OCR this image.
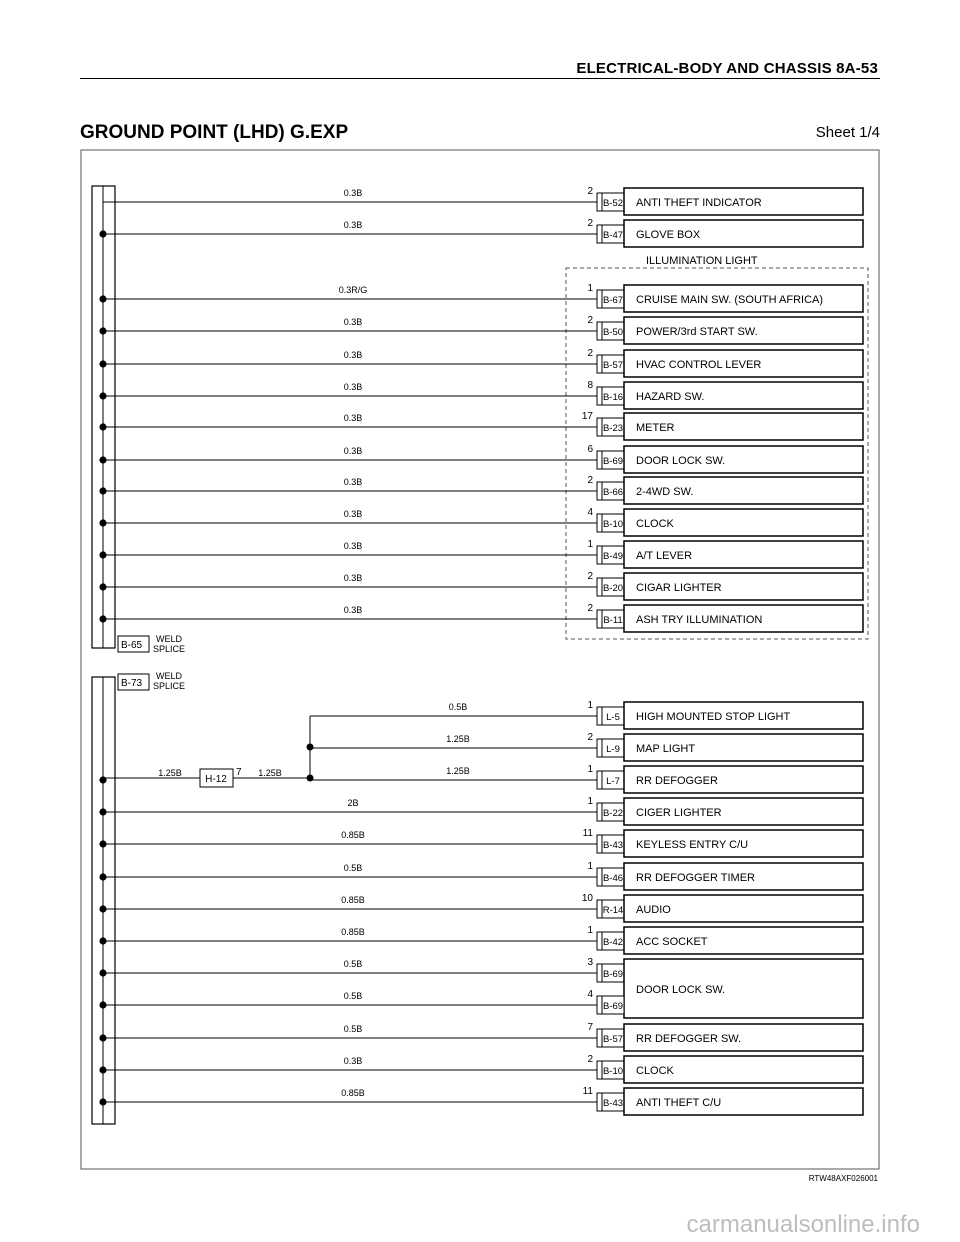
ELECTRICAL-BODY AND CHASSIS 8A-53
GROUND POINT (LHD) G.EXP	Sheet 1/4
ILLUMINATION LIGHT
B-65
WELD
SPLICE
B-73
WELD
SPLICE
H-12
7
1.25B	1.25B
0.3B	2
B-52 ANTI THEFT INDICATOR
0.3B	2
B-47 GLOVE BOX
0.3R/G	1
B-67 CRUISE MAIN SW. (SOUTH AFRICA)
0.3B	2
B-50 POWER/3rd START SW.
0.3B	2
B-57 HVAC CONTROL LEVER
0.3B	8
B-16 HAZARD SW.
0.3B	17
B-23 METER
0.3B	6
B-69 DOOR LOCK SW.
0.3B	2
B-66 2-4WD SW.
0.3B	4
B-10 CLOCK
0.3B	1
B-49 A/T LEVER
0.3B	2
B-20 CIGAR LIGHTER
0.3B	2
B-11 ASH TRY ILLUMINATION
0.5B	1
L-5 HIGH MOUNTED STOP LIGHT
1.25B	2
L-9 MAP LIGHT
1.25B	1
L-7 RR DEFOGGER
2B	1
B-22 CIGER LIGHTER
0.85B	11
B-43 KEYLESS ENTRY C/U
0.5B	1
B-46 RR DEFOGGER TIMER
0.85B	10
R-14 AUDIO
0.85B	1
B-42 ACC SOCKET
0.5B	3
B-69
DOOR LOCK SW.
0.5B	4
B-69
0.5B	7
B-57 RR DEFOGGER SW.
0.3B	2
B-10 CLOCK
0.85B	11
B-43 ANTI THEFT C/U
RTW48AXF026001
carmanualsonline.info
